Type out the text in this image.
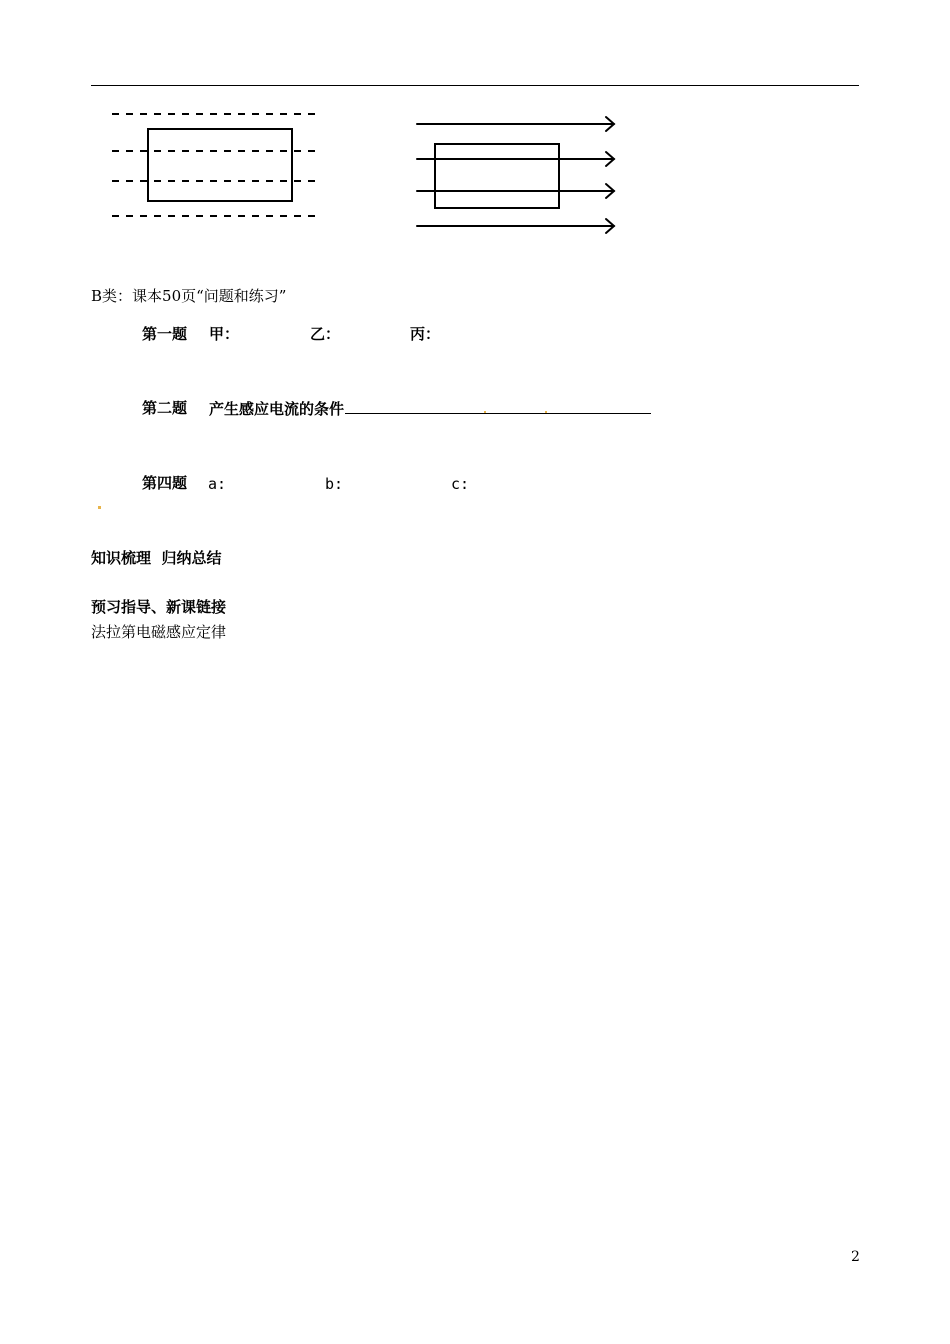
B类：课本50页“问题和练习”
第一题 甲：	乙：	丙：
第二题 产生感应电流的条件
第四题 a:	b:	c:
知识梳理  归纳总结
预习指导、新课链接
法拉第电磁感应定律
2
